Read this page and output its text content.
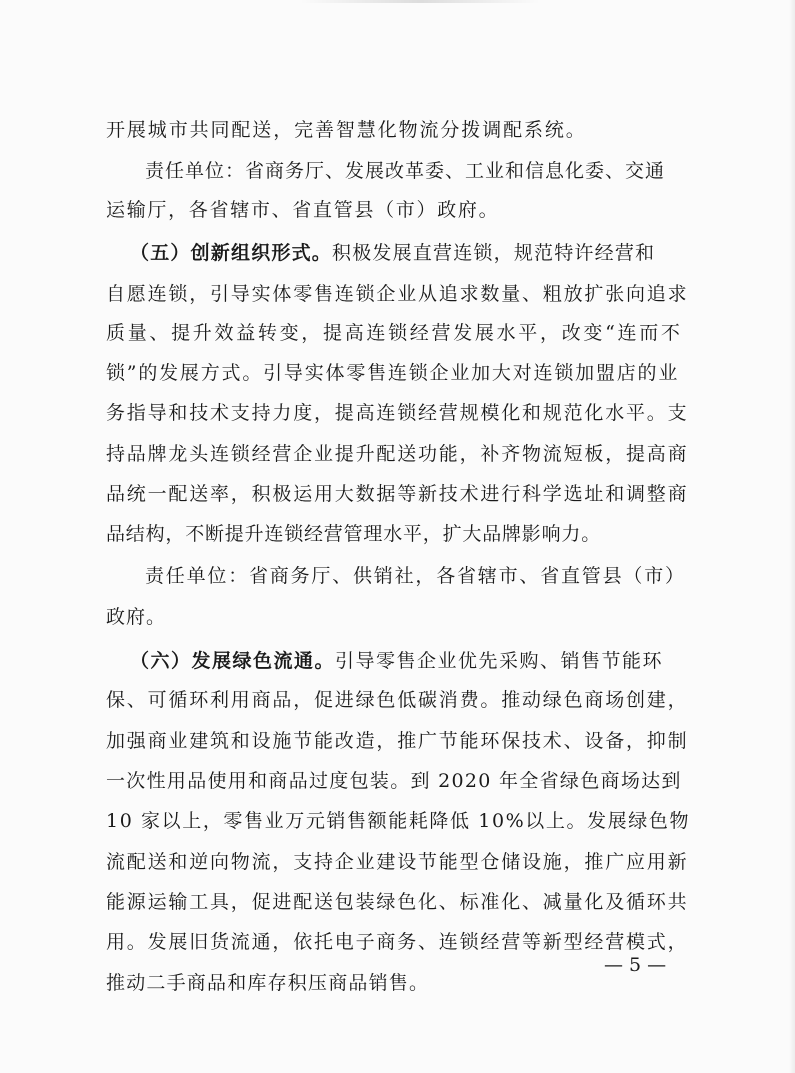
开展城市共同配送，完善智慧化物流分拨调配系统。
责任单位：省商务厅、发展改革委、工业和信息化委、交通
运输厅，各省辖市、省直管县（市）政府。
（五）创新组织形式。积极发展直营连锁，规范特许经营和
自愿连锁，引导实体零售连锁企业从追求数量、粗放扩张向追求
质量、提升效益转变，提高连锁经营发展水平，改变“连而不
锁”的发展方式。引导实体零售连锁企业加大对连锁加盟店的业
务指导和技术支持力度，提高连锁经营规模化和规范化水平。支
持品牌龙头连锁经营企业提升配送功能，补齐物流短板，提高商
品统一配送率，积极运用大数据等新技术进行科学选址和调整商
品结构，不断提升连锁经营管理水平，扩大品牌影响力。
责任单位：省商务厅、供销社，各省辖市、省直管县（市）
政府。
（六）发展绿色流通。引导零售企业优先采购、销售节能环
保、可循环利用商品，促进绿色低碳消费。推动绿色商场创建，
加强商业建筑和设施节能改造，推广节能环保技术、设备，抑制
一次性用品使用和商品过度包装。到 2020 年全省绿色商场达到
10 家以上，零售业万元销售额能耗降低 10%以上。发展绿色物
流配送和逆向物流，支持企业建设节能型仓储设施，推广应用新
能源运输工具，促进配送包装绿色化、标准化、减量化及循环共
用。发展旧货流通，依托电子商务、连锁经营等新型经营模式，
推动二手商品和库存积压商品销售。
— 5 —
